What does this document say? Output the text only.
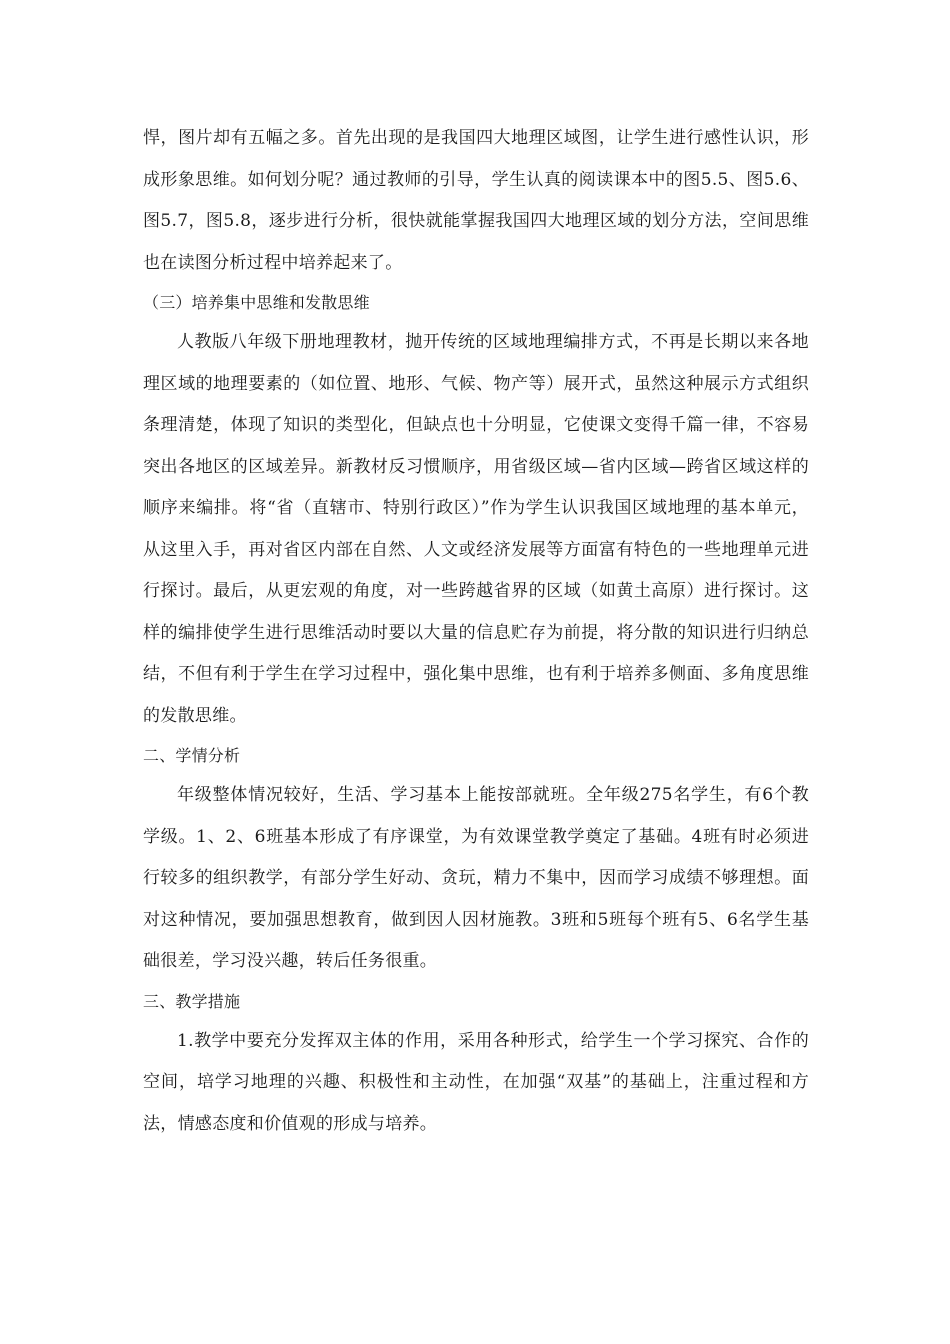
悍，图片却有五幅之多。首先出现的是我国四大地理区域图，让学生进行感性认识，形成形象思维。如何划分呢？通过教师的引导，学生认真的阅读课本中的图5.5、图5.6、图5.7，图5.8，逐步进行分析，很快就能掌握我国四大地理区域的划分方法，空间思维也在读图分析过程中培养起来了。

（三）培养集中思维和发散思维

人教版八年级下册地理教材，抛开传统的区域地理编排方式，不再是长期以来各地理区域的地理要素的（如位置、地形、气候、物产等）展开式，虽然这种展示方式组织条理清楚，体现了知识的类型化，但缺点也十分明显，它使课文变得千篇一律，不容易突出各地区的区域差异。新教材反习惯顺序，用省级区域—省内区域—跨省区域这样的顺序来编排。将“省（直辖市、特别行政区）”作为学生认识我国区域地理的基本单元，从这里入手，再对省区内部在自然、人文或经济发展等方面富有特色的一些地理单元进行探讨。最后，从更宏观的角度，对一些跨越省界的区域（如黄土高原）进行探讨。这样的编排使学生进行思维活动时要以大量的信息贮存为前提，将分散的知识进行归纳总结，不但有利于学生在学习过程中，强化集中思维，也有利于培养多侧面、多角度思维的发散思维。

二、学情分析

年级整体情况较好，生活、学习基本上能按部就班。全年级275名学生，有6个教学级。1、2、6班基本形成了有序课堂，为有效课堂教学奠定了基础。4班有时必须进行较多的组织教学，有部分学生好动、贪玩，精力不集中，因而学习成绩不够理想。面对这种情况，要加强思想教育，做到因人因材施教。3班和5班每个班有5、6名学生基础很差，学习没兴趣，转后任务很重。

三、教学措施

1.教学中要充分发挥双主体的作用，采用各种形式，给学生一个学习探究、合作的空间，培学习地理的兴趣、积极性和主动性，在加强“双基”的基础上，注重过程和方法，情感态度和价值观的形成与培养。
